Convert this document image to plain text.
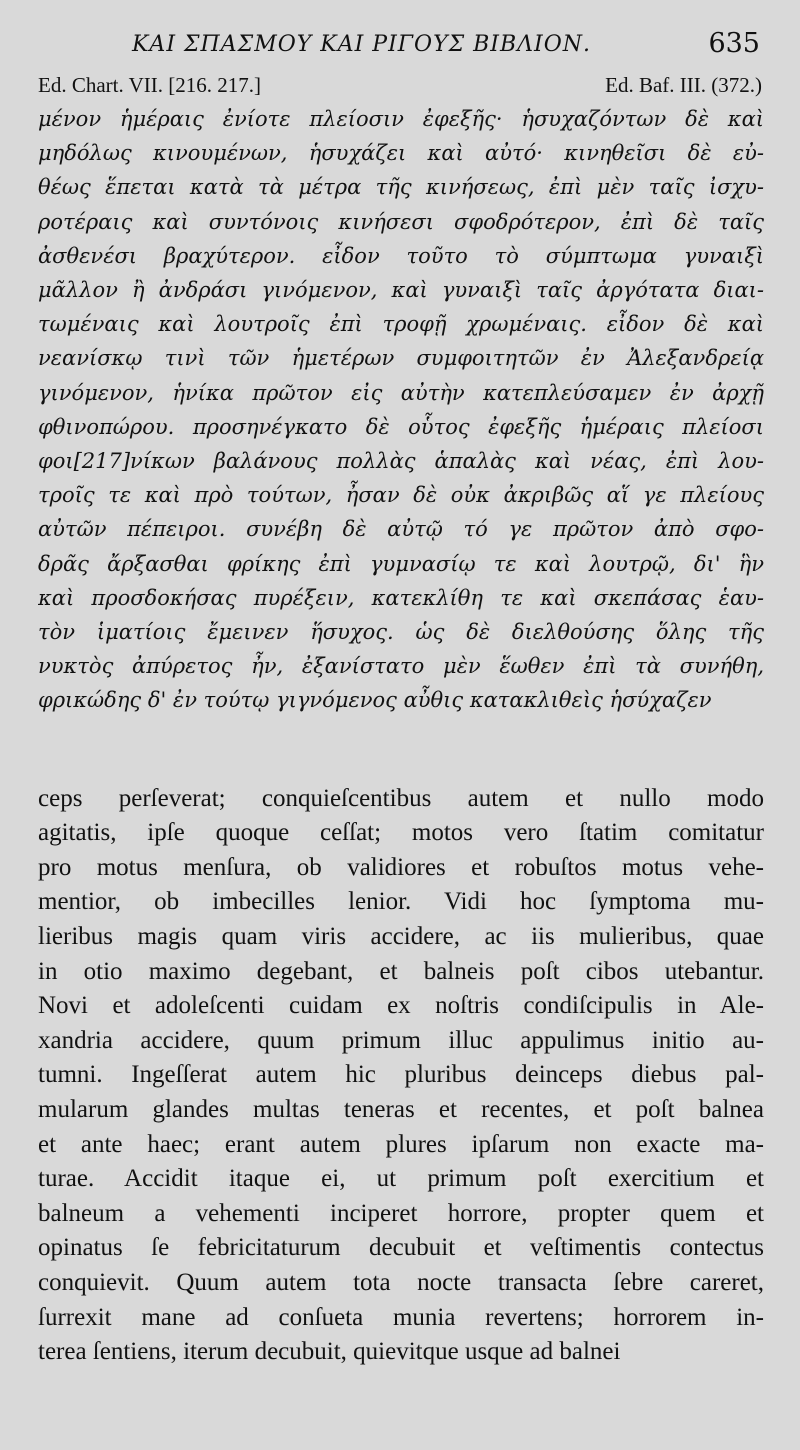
ΚΑΙ ΣΠΑΣΜΟΥ ΚΑΙ ΡΙΓΟΥΣ ΒΙΒΛΙΟΝ.	635
Ed. Chart. VII. [216. 217.]	Ed. Baf. III. (372.)
μένον ἡμέραις ἐνίοτε πλείοσιν ἐφεξῆς· ἡσυχαζόντων δὲ καὶ
μηδόλως κινουμένων, ἡσυχάζει καὶ αὐτό· κινηθεῖσι δὲ εὐ-
θέως ἕπεται κατὰ τὰ μέτρα τῆς κινήσεως, ἐπὶ μὲν ταῖς ἰσχυ-
ροτέραις καὶ συντόνοις κινήσεσι σφοδρότερον, ἐπὶ δὲ ταῖς
ἀσθενέσι βραχύτερον. εἶδον τοῦτο τὸ σύμπτωμα γυναιξὶ
μᾶλλον ἢ ἀνδράσι γινόμενον, καὶ γυναιξὶ ταῖς ἀργότατα διαι-
τωμέναις καὶ λουτροῖς ἐπὶ τροφῇ χρωμέναις. εἶδον δὲ καὶ
νεανίσκῳ τινὶ τῶν ἡμετέρων συμφοιτητῶν ἐν Ἀλεξανδρείᾳ
γινόμενον, ἡνίκα πρῶτον εἰς αὐτὴν κατεπλεύσαμεν ἐν ἀρχῇ
φθινοπώρου. προσηνέγκατο δὲ οὗτος ἐφεξῆς ἡμέραις πλείοσι
φοι[217]νίκων βαλάνους πολλὰς ἁπαλὰς καὶ νέας, ἐπὶ λου-
τροῖς τε καὶ πρὸ τούτων, ἦσαν δὲ οὐκ ἀκριβῶς αἵ γε πλείους
αὐτῶν πέπειροι. συνέβη δὲ αὐτῷ τό γε πρῶτον ἀπὸ σφο-
δρᾶς ἄρξασθαι φρίκης ἐπὶ γυμνασίῳ τε καὶ λουτρῷ, δι' ἣν
καὶ προσδοκήσας πυρέξειν, κατεκλίθη τε καὶ σκεπάσας ἑαυ-
τὸν ἱματίοις ἔμεινεν ἥσυχος. ὡς δὲ διελθούσης ὅλης τῆς
νυκτὸς ἀπύρετος ἦν, ἐξανίστατο μὲν ἕωθεν ἐπὶ τὰ συνήθη,
φρικώδης δ' ἐν τούτῳ γιγνόμενος αὖθις κατακλιθεὶς ἡσύχαζεν
ceps perſeverat; conquieſcentibus autem et nullo modo
agitatis, ipſe quoque ceſſat; motos vero ſtatim comitatur
pro motus menſura, ob validiores et robuſtos motus vehe-
mentior, ob imbecilles lenior. Vidi hoc ſymptoma mu-
lieribus magis quam viris accidere, ac iis mulieribus, quae
in otio maximo degebant, et balneis poſt cibos utebantur.
Novi et adoleſcenti cuidam ex noſtris condiſcipulis in Ale-
xandria accidere, quum primum illuc appulimus initio au-
tumni. Ingeſſerat autem hic pluribus deinceps diebus pal-
mularum glandes multas teneras et recentes, et poſt balnea
et ante haec; erant autem plures ipſarum non exacte ma-
turae. Accidit itaque ei, ut primum poſt exercitium et
balneum a vehementi inciperet horrore, propter quem et
opinatus ſe febricitaturum decubuit et veſtimentis contectus
conquievit. Quum autem tota nocte transacta ſebre careret,
ſurrexit mane ad conſueta munia revertens; horrorem in-
terea ſentiens, iterum decubuit, quievitque usque ad balnei
